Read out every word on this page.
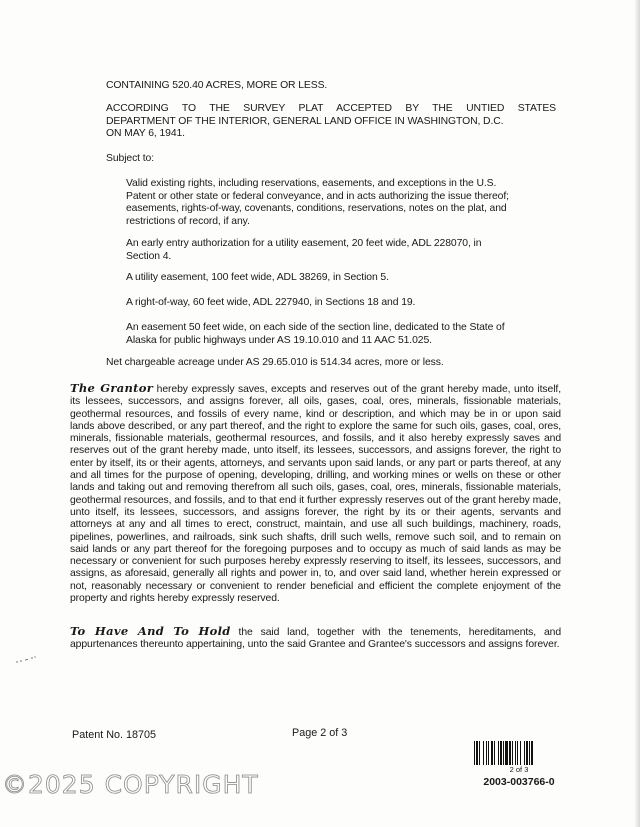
CONTAINING 520.40 ACRES, MORE OR LESS.
ACCORDING TO THE SURVEY PLAT ACCEPTED BY THE UNTIED STATES
DEPARTMENT OF THE INTERIOR, GENERAL LAND OFFICE IN WASHINGTON, D.C.
ON MAY 6, 1941.
Subject to:
Valid existing rights, including reservations, easements, and exceptions in the U.S.
Patent or other state or federal conveyance, and in acts authorizing the issue thereof;
easements, rights-of-way, covenants, conditions, reservations, notes on the plat, and
restrictions of record, if any.
An early entry authorization for a utility easement, 20 feet wide, ADL 228070, in
Section 4.
A utility easement, 100 feet wide, ADL 38269, in Section 5.
A right-of-way, 60 feet wide, ADL 227940, in Sections 18 and 19.
An easement 50 feet wide, on each side of the section line, dedicated to the State of
Alaska for public highways under AS 19.10.010 and 11 AAC 51.025.
Net chargeable acreage under AS 29.65.010 is 514.34 acres, more or less.

The Grantor hereby expressly saves, excepts and reserves out of the grant hereby made, unto itself, its lessees, successors, and assigns forever, all oils, gases, coal, ores, minerals, fissionable materials, geothermal resources, and fossils of every name, kind or description, and which may be in or upon said lands above described, or any part thereof, and the right to explore the same for such oils, gases, coal, ores, minerals, fissionable materials, geothermal resources, and fossils, and it also hereby expressly saves and reserves out of the grant hereby made, unto itself, its lessees, successors, and assigns forever, the right to enter by itself, its or their agents, attorneys, and servants upon said lands, or any part or parts thereof, at any and all times for the purpose of opening, developing, drilling, and working mines or wells on these or other lands and taking out and removing therefrom all such oils, gases, coal, ores, minerals, fissionable materials, geothermal resources, and fossils, and to that end it further expressly reserves out of the grant hereby made, unto itself, its lessees, successors, and assigns forever, the right by its or their agents, servants and attorneys at any and all times to erect, construct, maintain, and use all such buildings, machinery, roads, pipelines, powerlines, and railroads, sink such shafts, drill such wells, remove such soil, and to remain on said lands or any part thereof for the foregoing purposes and to occupy as much of said lands as may be necessary or convenient for such purposes hereby expressly reserving to itself, its lessees, successors, and assigns, as aforesaid, generally all rights and power in, to, and over said land, whether herein expressed or not, reasonably necessary or convenient to render beneficial and efficient the complete enjoyment of the property and rights hereby expressly reserved.

To Have And To Hold the said land, together with the tenements, hereditaments, and appurtenances thereunto appertaining, unto the said Grantee and Grantee's successors and assigns forever.

Patent No. 18705	Page 2 of 3
©2025 COPYRIGHT
2 of 3
2003-003766-0
